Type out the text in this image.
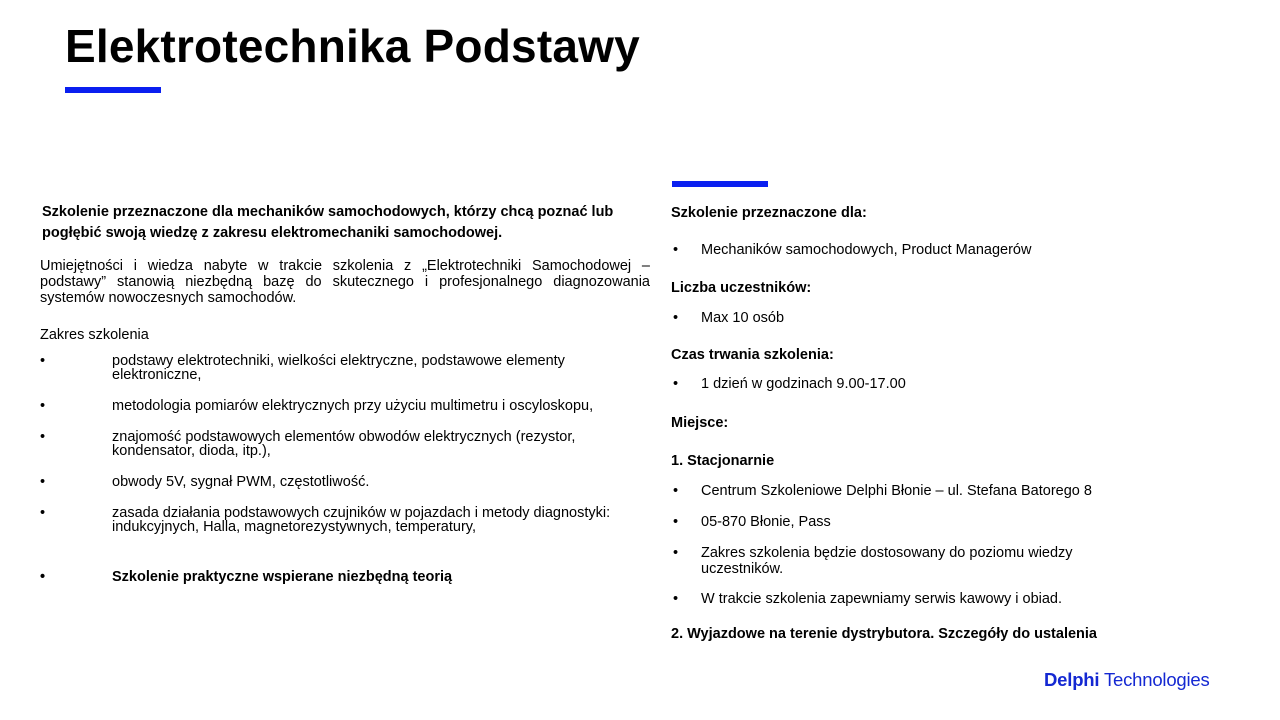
Elektrotechnika Podstawy
Szkolenie przeznaczone dla mechaników samochodowych, którzy chcą poznać lub pogłębić swoją wiedzę z zakresu elektromechaniki samochodowej.
Umiejętności i wiedza nabyte w trakcie szkolenia z „Elektrotechniki Samochodowej – podstawy” stanowią niezbędną bazę do skutecznego i profesjonalnego diagnozowania systemów nowoczesnych samochodów.
Zakres szkolenia
•	podstawy elektrotechniki, wielkości elektryczne, podstawowe elementy elektroniczne,
•	metodologia pomiarów elektrycznych przy użyciu multimetru i oscyloskopu,
•	znajomość podstawowych elementów obwodów elektrycznych (rezystor, kondensator, dioda, itp.),
•	obwody 5V, sygnał PWM, częstotliwość.
•	zasada działania podstawowych czujników w pojazdach i metody diagnostyki: indukcyjnych, Halla, magnetorezystywnych, temperatury,
•	Szkolenie praktyczne wspierane niezbędną teorią
Szkolenie przeznaczone dla:
• Mechaników samochodowych, Product Managerów
Liczba uczestników:
• Max 10 osób
Czas trwania szkolenia:
• 1 dzień w godzinach 9.00-17.00
Miejsce:
1. Stacjonarnie
• Centrum Szkoleniowe Delphi Błonie – ul. Stefana Batorego 8
• 05-870 Błonie, Pass
• Zakres szkolenia będzie dostosowany do poziomu wiedzy uczestników.
• W trakcie szkolenia zapewniamy serwis kawowy i obiad.
2. Wyjazdowe na terenie dystrybutora. Szczegóły do ustalenia
Delphi Technologies
